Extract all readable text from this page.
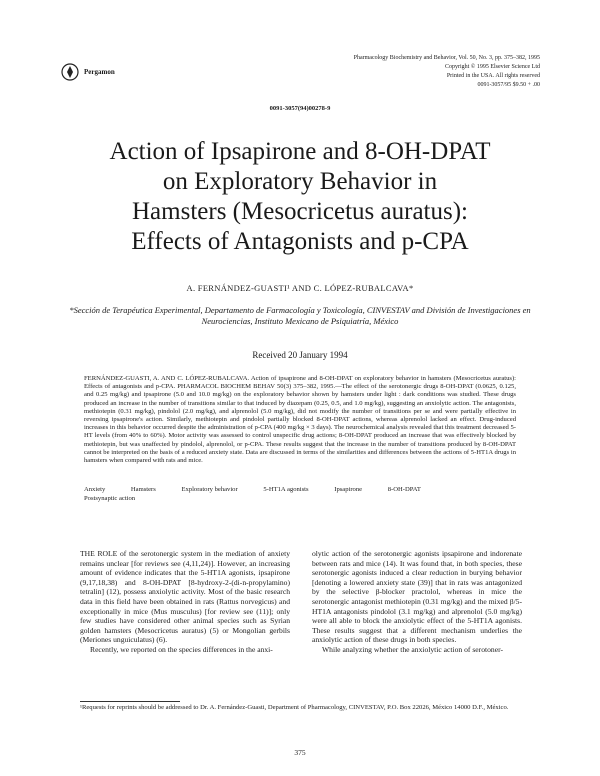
Pergamon
Pharmacology Biochemistry and Behavior, Vol. 50, No. 3, pp. 375–382, 1995
Copyright © 1995 Elsevier Science Ltd
Printed in the USA. All rights reserved
0091-3057/95 $9.50 + .00
0091-3057(94)00278-9
Action of Ipsapirone and 8-OH-DPAT
on Exploratory Behavior in
Hamsters (Mesocricetus auratus):
Effects of Antagonists and p-CPA
A. FERNÁNDEZ-GUASTI¹ AND C. LÓPEZ-RUBALCAVA*
*Sección de Terapéutica Experimental, Departamento de Farmacología y Toxicología, CINVESTAV and División de Investigaciones en Neurociencias, Instituto Mexicano de Psiquiatría, México
Received 20 January 1994
FERNÁNDEZ-GUASTI, A. AND C. LÓPEZ-RUBALCAVA. Action of ipsapirone and 8-OH-DPAT on exploratory behavior in hamsters (Mesocricetus auratus): Effects of antagonists and p-CPA. PHARMACOL BIOCHEM BEHAV 50(3) 375–382, 1995.—The effect of the serotonergic drugs 8-OH-DPAT (0.0625, 0.125, and 0.25 mg/kg) and ipsapirone (5.0 and 10.0 mg/kg) on the exploratory behavior shown by hamsters under light : dark conditions was studied. These drugs produced an increase in the number of transitions similar to that induced by diazepam (0.25, 0.5, and 1.0 mg/kg), suggesting an anxiolytic action. The antagonists, methiotepin (0.31 mg/kg), pindolol (2.0 mg/kg), and alprenolol (5.0 mg/kg), did not modify the number of transitions per se and were partially effective in reversing ipsapirone's action. Similarly, methiotepin and pindolol partially blocked 8-OH-DPAT actions, whereas alprenolol lacked an effect. Drug-induced increases in this behavior occurred despite the administration of p-CPA (400 mg/kg × 3 days). The neurochemical analysis revealed that this treatment decreased 5-HT levels (from 40% to 60%). Motor activity was assessed to control unspecific drug actions; 8-OH-DPAT produced an increase that was effectively blocked by methiotepin, but was unaffected by pindolol, alprenolol, or p-CPA. These results suggest that the increase in the number of transitions produced by 8-OH-DPAT cannot be interpreted on the basis of a reduced anxiety state. Data are discussed in terms of the similarities and differences between the actions of 5-HT1A drugs in hamsters when compared with rats and mice.
Anxiety	Hamsters	Exploratory behavior	5-HT1A agonists	Ipsapirone	8-OH-DPAT Postsynaptic action

THE ROLE of the serotonergic system in the mediation of anxiety remains unclear [for reviews see (4,11,24)]. However, an increasing amount of evidence indicates that the 5-HT1A agonists, ipsapirone (9,17,18,38) and 8-OH-DPAT [8-hydroxy-2-(di-n-propylamino) tetralin] (12), possess anxiolytic activity. Most of the basic research data in this field have been obtained in rats (Rattus norvegicus) and exceptionally in mice (Mus musculus) [for review see (11)]; only few studies have considered other animal species such as Syrian golden hamsters (Mesocricetus auratus) (5) or Mongolian gerbils (Meriones unguiculatus) (6).

Recently, we reported on the species differences in the anxi-

olytic action of the serotonergic agonists ipsapirone and indorenate between rats and mice (14). It was found that, in both species, these serotonergic agonists induced a clear reduction in burying behavior [denoting a lowered anxiety state (39)] that in rats was antagonized by the selective β-blocker practolol, whereas in mice the serotonergic antagonist methiotepin (0.31 mg/kg) and the mixed β/5-HT1A antagonists pindolol (3.1 mg/kg) and alprenolol (5.0 mg/kg) were all able to block the anxiolytic effect of the 5-HT1A agonists. These results suggest that a different mechanism underlies the anxiolytic action of these drugs in both species.

While analyzing whether the anxiolytic action of serotoner-

¹Requests for reprints should be addressed to Dr. A. Fernández-Guasti, Department of Pharmacology, CINVESTAV, P.O. Box 22026, México 14000 D.F., México.
375
